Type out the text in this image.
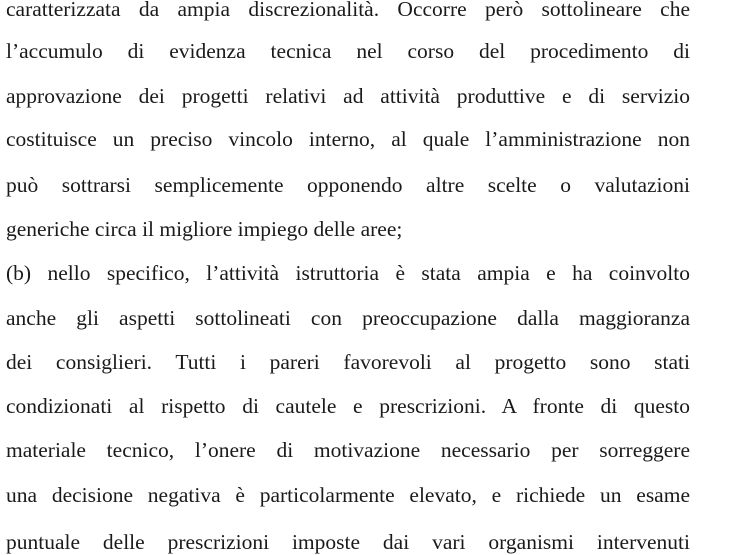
caratterizzata da ampia discrezionalità. Occorre però sottolineare che
l’accumulo di evidenza tecnica nel corso del procedimento di
approvazione dei progetti relativi ad attività produttive e di servizio
costituisce un preciso vincolo interno, al quale l’amministrazione non
può sottrarsi semplicemente opponendo altre scelte o valutazioni
generiche circa il migliore impiego delle aree;
(b) nello specifico, l’attività istruttoria è stata ampia e ha coinvolto
anche gli aspetti sottolineati con preoccupazione dalla maggioranza
dei consiglieri. Tutti i pareri favorevoli al progetto sono stati
condizionati al rispetto di cautele e prescrizioni. A fronte di questo
materiale tecnico, l’onere di motivazione necessario per sorreggere
una decisione negativa è particolarmente elevato, e richiede un esame
puntuale delle prescrizioni imposte dai vari organismi intervenuti
